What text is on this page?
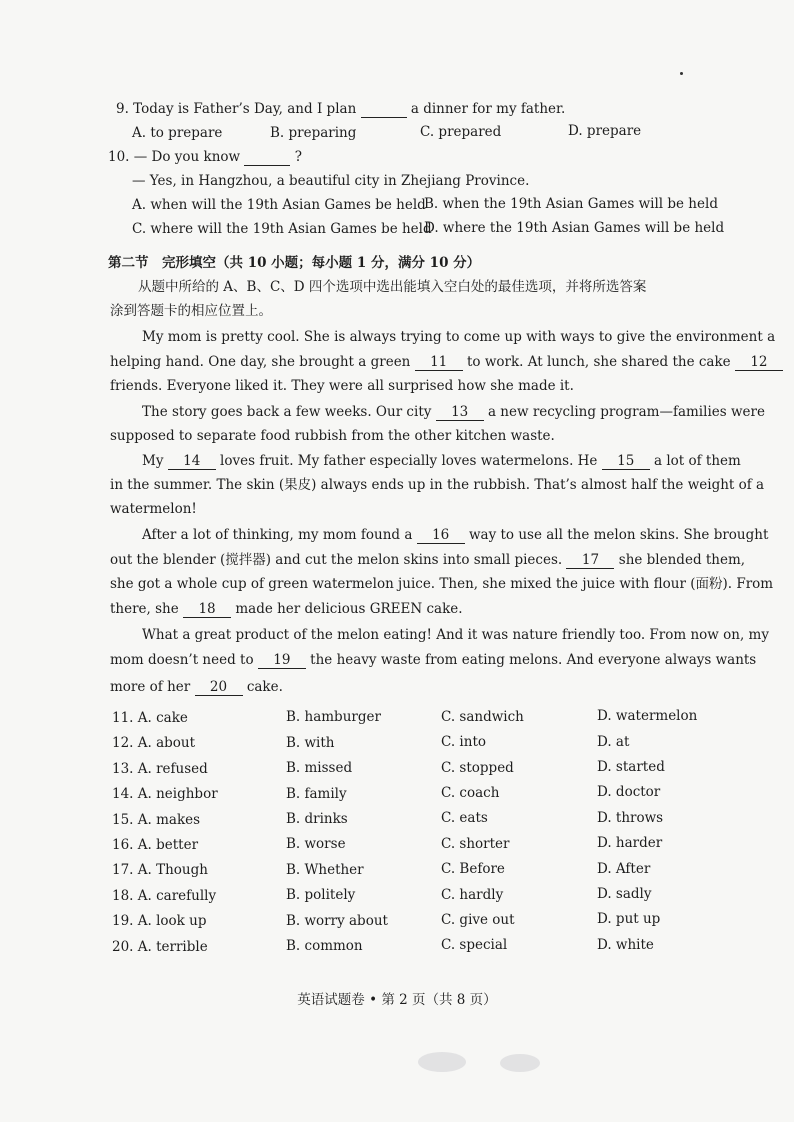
9. Today is Father’s Day, and I plan	a dinner for my father.
A. to prepare	B. preparing	C. prepared	D. prepare
10. — Do you know	?
— Yes, in Hangzhou, a beautiful city in Zhejiang Province.
A. when will the 19th Asian Games be held
B. when the 19th Asian Games will be held
C. where will the 19th Asian Games be held
D. where the 19th Asian Games will be held
第二节　完形填空（共 10 小题；每小题 1 分，满分 10 分）
从题中所给的 A、B、C、D 四个选项中选出能填入空白处的最佳选项，并将所选答案
涂到答题卡的相应位置上。
My mom is pretty cool. She is always trying to come up with ways to give the environment a
helping hand. One day, she brought a green 11 to work. At lunch, she shared the cake 12
friends. Everyone liked it. They were all surprised how she made it.
The story goes back a few weeks. Our city 13 a new recycling program—families were
supposed to separate food rubbish from the other kitchen waste.
My 14 loves fruit. My father especially loves watermelons. He 15 a lot of them
in the summer. The skin (果皮) always ends up in the rubbish. That’s almost half the weight of a
watermelon!
After a lot of thinking, my mom found a 16 way to use all the melon skins. She brought
out the blender (搅拌器) and cut the melon skins into small pieces. 17 she blended them,
she got a whole cup of green watermelon juice. Then, she mixed the juice with flour (面粉). From
there, she 18 made her delicious GREEN cake.
What a great product of the melon eating! And it was nature friendly too. From now on, my
mom doesn’t need to 19 the heavy waste from eating melons. And everyone always wants
more of her 20 cake.
11. A. cake	B. hamburger	C. sandwich	D. watermelon
12. A. about	B. with	C. into	D. at
13. A. refused	B. missed	C. stopped	D. started
14. A. neighbor	B. family	C. coach	D. doctor
15. A. makes	B. drinks	C. eats	D. throws
16. A. better	B. worse	C. shorter	D. harder
17. A. Though	B. Whether	C. Before	D. After
18. A. carefully	B. politely	C. hardly	D. sadly
19. A. look up	B. worry about	C. give out	D. put up
20. A. terrible	B. common	C. special	D. white
英语试题卷 • 第 2 页（共 8 页）
